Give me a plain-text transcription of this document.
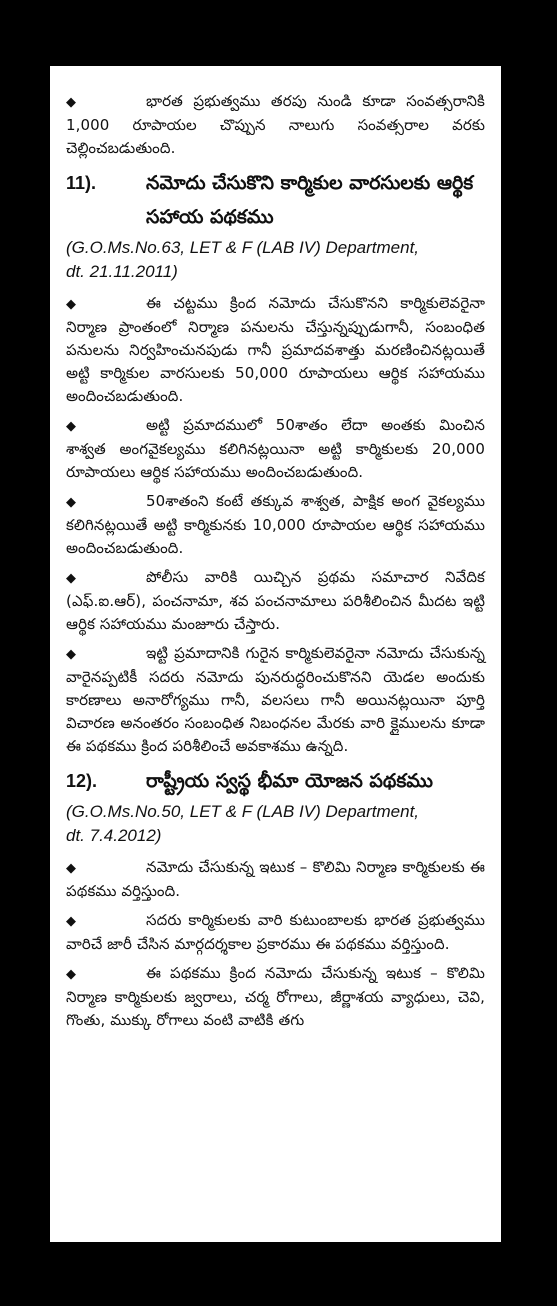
◆	భారత ప్రభుత్వము తరపు నుండి కూడా సంవత్సరానికి 1,000 రూపాయల చొప్పున నాలుగు సంవత్సరాల వరకు చెల్లించబడుతుంది.

11).	నమోదు చేసుకొని కార్మికుల వారసులకు ఆర్థిక సహాయ పథకము
(G.O.Ms.No.63, LET & F (LAB IV) Department,
dt. 21.11.2011)

◆	ఈ చట్టము క్రింద నమోదు చేసుకొనని కార్మికులెవరైనా నిర్మాణ ప్రాంతంలో నిర్మాణ పనులను చేస్తున్నప్పుడుగానీ, సంబంధిత పనులను నిర్వహించునపుడు గానీ ప్రమాదవశాత్తు మరణించినట్లయితే అట్టి కార్మికుల వారసులకు 50,000 రూపాయలు ఆర్థిక సహాయము అందించబడుతుంది.

◆	అట్టి ప్రమాదములో 50శాతం లేదా అంతకు మించిన శాశ్వత అంగవైకల్యము కలిగినట్లయినా అట్టి కార్మికులకు 20,000 రూపాయలు ఆర్థిక సహాయము అందించబడుతుంది.

◆	50శాతంని కంటే తక్కువ శాశ్వత, పాక్షిక అంగ వైకల్యము కలిగినట్లయితే అట్టి కార్మికునకు 10,000 రూపాయల ఆర్థిక సహాయము అందించబడుతుంది.

◆	పోలీసు వారికి యిచ్చిన ప్రథమ సమాచార నివేదిక (ఎఫ్.ఐ.ఆర్), పంచనామా, శవ పంచనామాలు పరిశీలించిన మీదట ఇట్టి ఆర్థిక సహాయము మంజూరు చేస్తారు.

◆	ఇట్టి ప్రమాదానికి గురైన కార్మికులెవరైనా నమోదు చేసుకున్న వారైనప్పటికీ సదరు నమోదు పునరుద్ధరించుకొనని యెడల అందుకు కారణాలు అనారోగ్యము గానీ, వలసలు గానీ అయినట్లయినా పూర్తి విచారణ అనంతరం సంబంధిత నిబంధనల మేరకు వారి క్లైములను కూడా ఈ పథకము క్రింద పరిశీలించే అవకాశము ఉన్నది.

12).	రాష్ట్రీయ స్వస్థ భీమా యోజన పథకము
(G.O.Ms.No.50, LET & F (LAB IV) Department,
dt. 7.4.2012)

◆	నమోదు చేసుకున్న ఇటుక – కొలిమి నిర్మాణ కార్మికులకు ఈ పథకము వర్తిస్తుంది.

◆	సదరు కార్మికులకు వారి కుటుంబాలకు భారత ప్రభుత్వము వారిచే జారీ చేసిన మార్గదర్శకాల ప్రకారము ఈ పథకము వర్తిస్తుంది.

◆	ఈ పథకము క్రింద నమోదు చేసుకున్న ఇటుక – కొలిమి నిర్మాణ కార్మికులకు జ్వరాలు, చర్మ రోగాలు, జీర్ణాశయ వ్యాధులు, చెవి, గొంతు, ముక్కు రోగాలు వంటి వాటికి తగు
